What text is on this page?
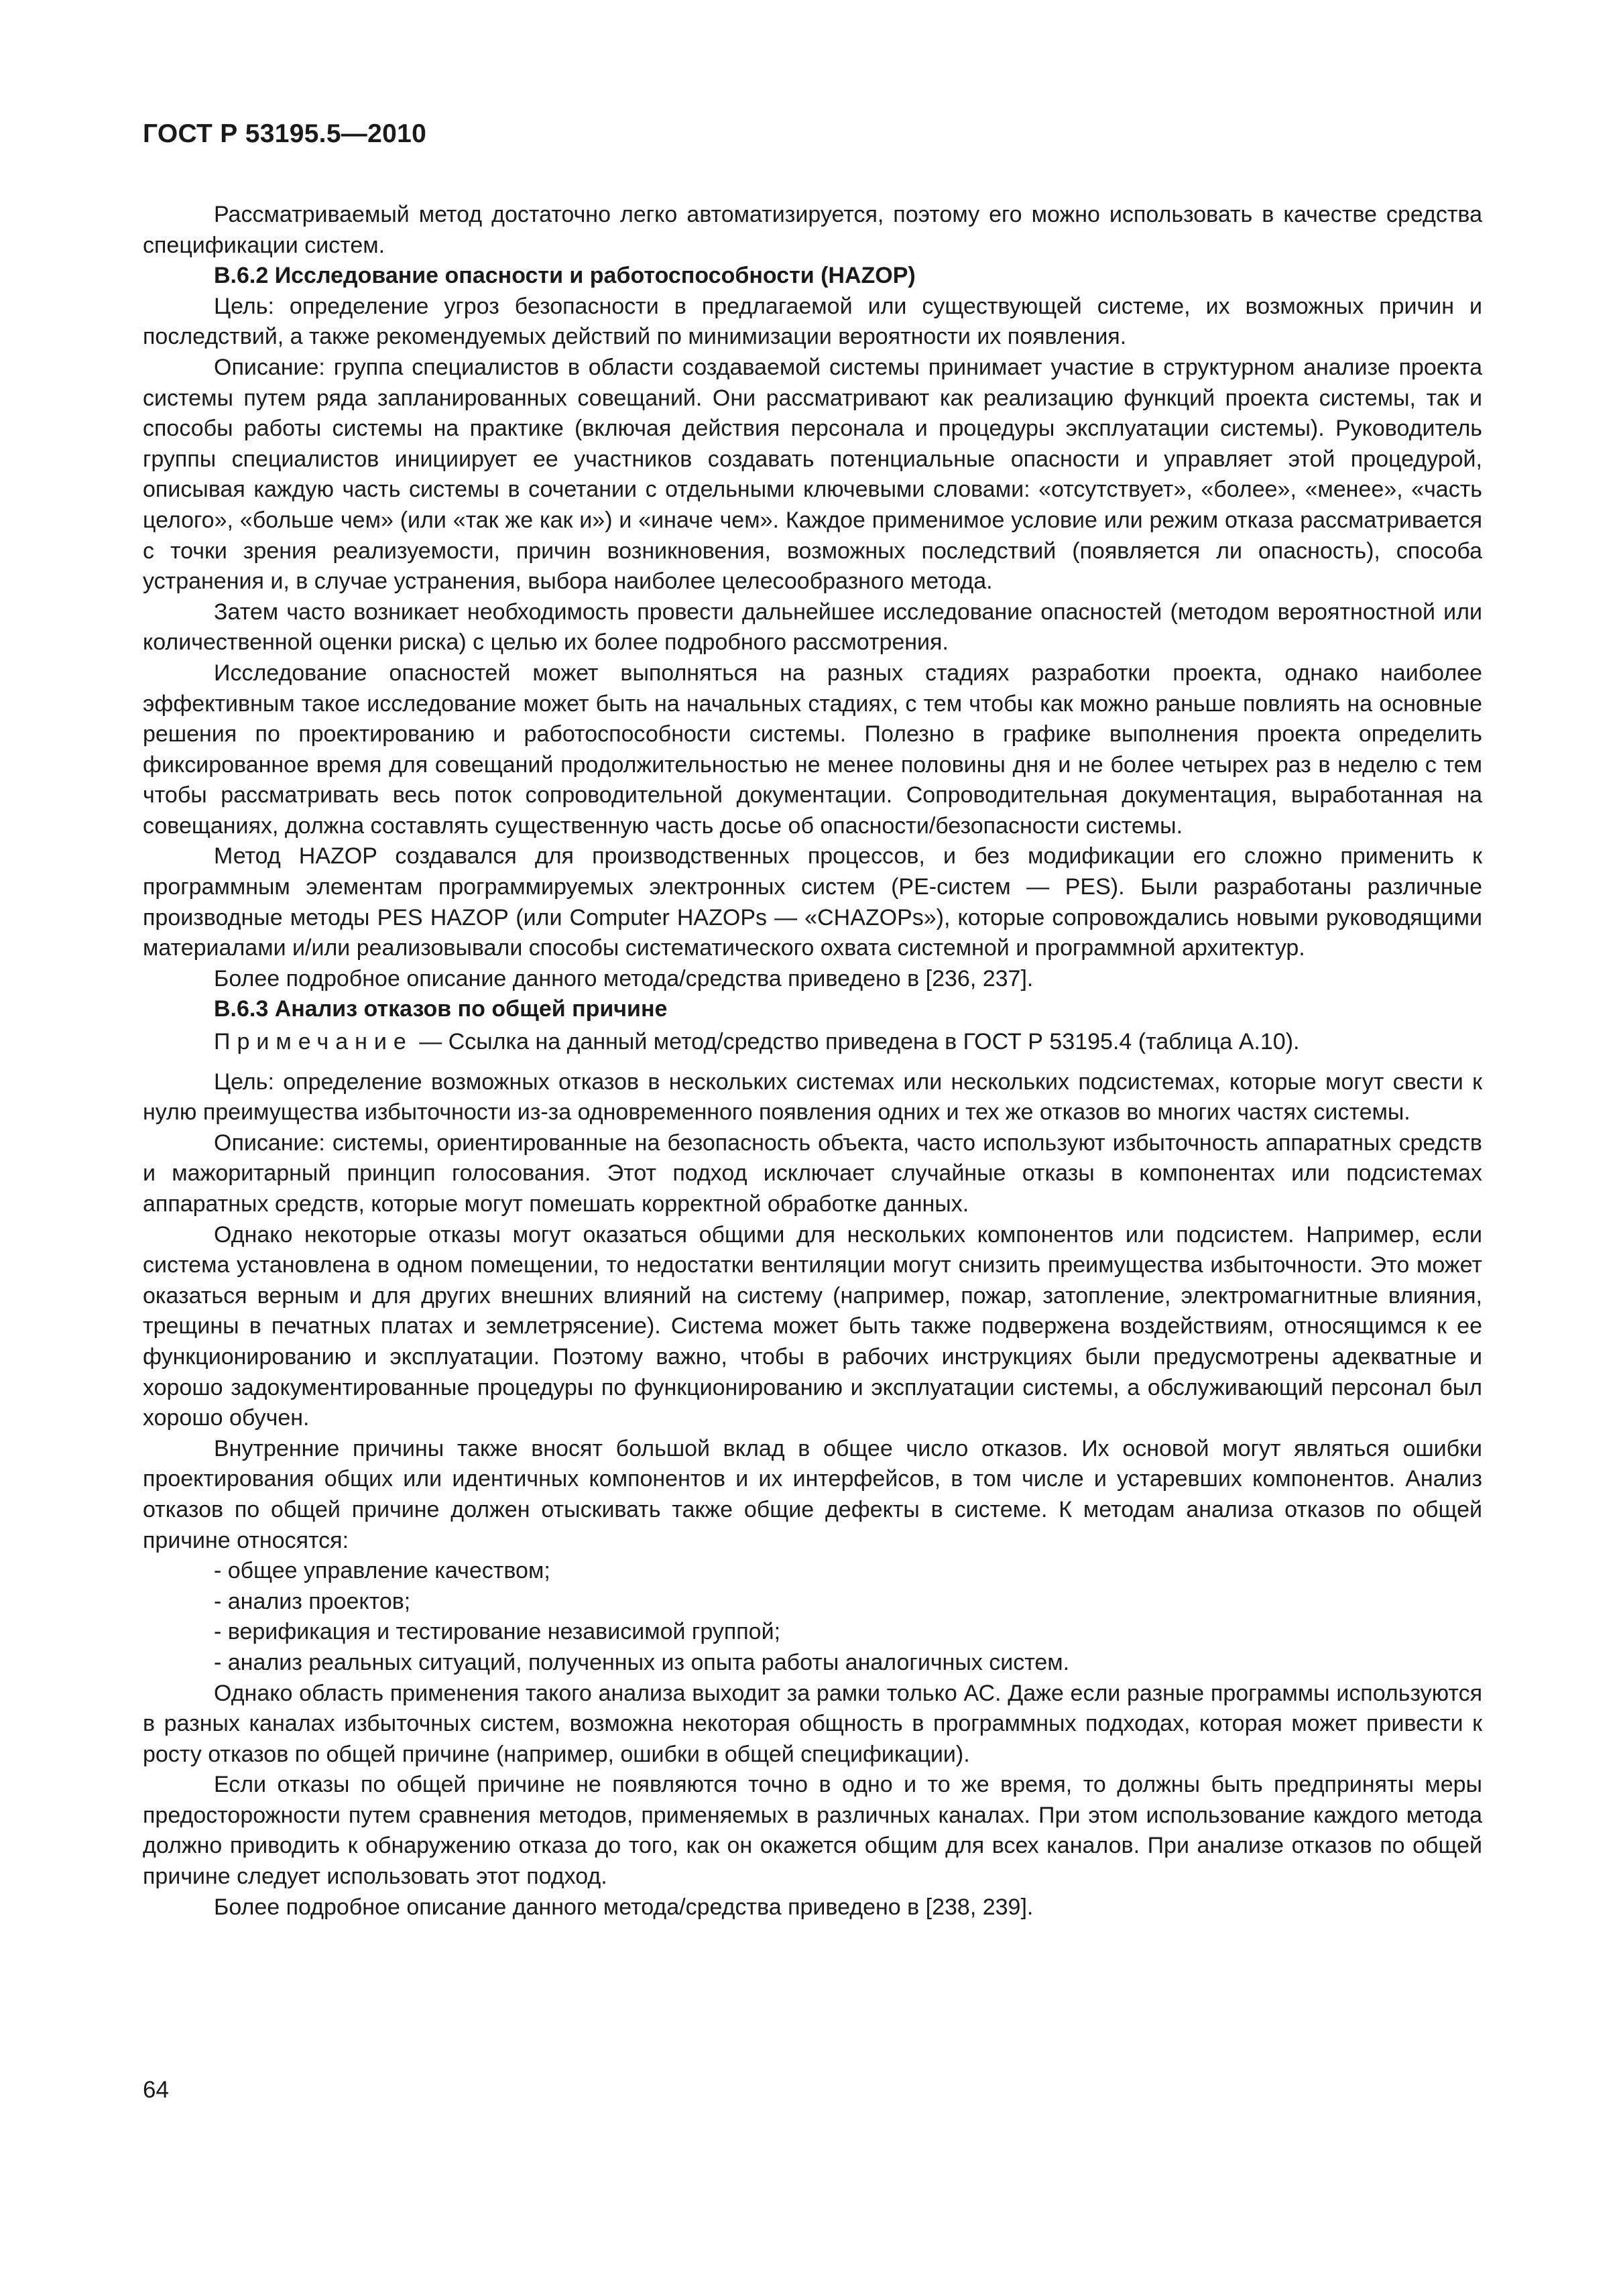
ГОСТ Р 53195.5—2010

Рассматриваемый метод достаточно легко автоматизируется, поэтому его можно использовать в качестве средства спецификации систем.

В.6.2 Исследование опасности и работоспособности (HAZOP)

Цель: определение угроз безопасности в предлагаемой или существующей системе, их возможных причин и последствий, а также рекомендуемых действий по минимизации вероятности их появления.

Описание: группа специалистов в области создаваемой системы принимает участие в структурном анализе проекта системы путем ряда запланированных совещаний. Они рассматривают как реализацию функций проекта системы, так и способы работы системы на практике (включая действия персонала и процедуры эксплуатации системы). Руководитель группы специалистов инициирует ее участников создавать потенциальные опасности и управляет этой процедурой, описывая каждую часть системы в сочетании с отдельными ключевыми словами: «отсутствует», «более», «менее», «часть целого», «больше чем» (или «так же как и») и «иначе чем». Каждое применимое условие или режим отказа рассматривается с точки зрения реализуемости, причин возникновения, возможных последствий (появляется ли опасность), способа устранения и, в случае устранения, выбора наиболее целесообразного метода.

Затем часто возникает необходимость провести дальнейшее исследование опасностей (методом вероятностной или количественной оценки риска) с целью их более подробного рассмотрения.

Исследование опасностей может выполняться на разных стадиях разработки проекта, однако наиболее эффективным такое исследование может быть на начальных стадиях, с тем чтобы как можно раньше повлиять на основные решения по проектированию и работоспособности системы. Полезно в графике выполнения проекта определить фиксированное время для совещаний продолжительностью не менее половины дня и не более четырех раз в неделю с тем чтобы рассматривать весь поток сопроводительной документации. Сопроводительная документация, выработанная на совещаниях, должна составлять существенную часть досье об опасности/безопасности системы.

Метод HAZOP создавался для производственных процессов, и без модификации его сложно применить к программным элементам программируемых электронных систем (PE-систем — PES). Были разработаны различные производные методы PES HAZOP (или Computer HAZOPs — «CHAZOPs»), которые сопровождались новыми руководящими материалами и/или реализовывали способы систематического охвата системной и программной архитектур.

Более подробное описание данного метода/средства приведено в [236, 237].

В.6.3 Анализ отказов по общей причине

Примечание — Ссылка на данный метод/средство приведена в ГОСТ Р 53195.4 (таблица А.10).

Цель: определение возможных отказов в нескольких системах или нескольких подсистемах, которые могут свести к нулю преимущества избыточности из-за одновременного появления одних и тех же отказов во многих частях системы.

Описание: системы, ориентированные на безопасность объекта, часто используют избыточность аппаратных средств и мажоритарный принцип голосования. Этот подход исключает случайные отказы в компонентах или подсистемах аппаратных средств, которые могут помешать корректной обработке данных.

Однако некоторые отказы могут оказаться общими для нескольких компонентов или подсистем. Например, если система установлена в одном помещении, то недостатки вентиляции могут снизить преимущества избыточности. Это может оказаться верным и для других внешних влияний на систему (например, пожар, затопление, электромагнитные влияния, трещины в печатных платах и землетрясение). Система может быть также подвержена воздействиям, относящимся к ее функционированию и эксплуатации. Поэтому важно, чтобы в рабочих инструкциях были предусмотрены адекватные и хорошо задокументированные процедуры по функционированию и эксплуатации системы, а обслуживающий персонал был хорошо обучен.

Внутренние причины также вносят большой вклад в общее число отказов. Их основой могут являться ошибки проектирования общих или идентичных компонентов и их интерфейсов, в том числе и устаревших компонентов. Анализ отказов по общей причине должен отыскивать также общие дефекты в системе. К методам анализа отказов по общей причине относятся:

- общее управление качеством;

- анализ проектов;

- верификация и тестирование независимой группой;

- анализ реальных ситуаций, полученных из опыта работы аналогичных систем.

Однако область применения такого анализа выходит за рамки только АС. Даже если разные программы используются в разных каналах избыточных систем, возможна некоторая общность в программных подходах, которая может привести к росту отказов по общей причине (например, ошибки в общей спецификации).

Если отказы по общей причине не появляются точно в одно и то же время, то должны быть предприняты меры предосторожности путем сравнения методов, применяемых в различных каналах. При этом использование каждого метода должно приводить к обнаружению отказа до того, как он окажется общим для всех каналов. При анализе отказов по общей причине следует использовать этот подход.

Более подробное описание данного метода/средства приведено в [238, 239].

64
